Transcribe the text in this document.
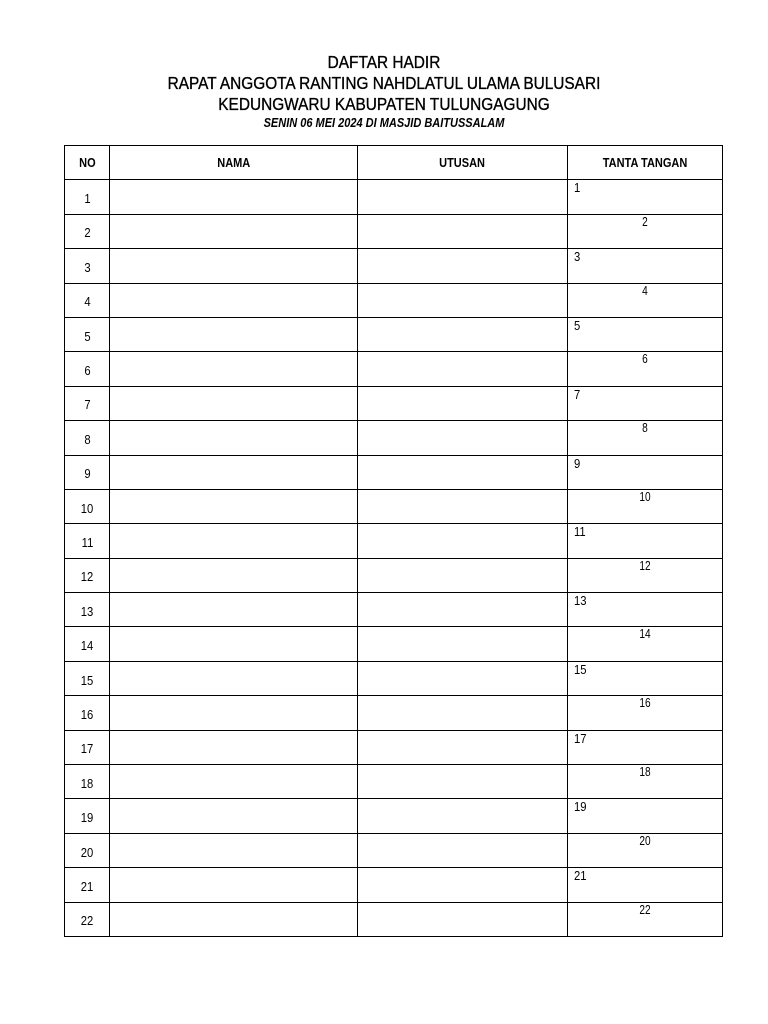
DAFTAR HADIR
RAPAT ANGGOTA RANTING NAHDLATUL ULAMA BULUSARI
KEDUNGWARU KABUPATEN TULUNGAGUNG
SENIN 06 MEI 2024 DI MASJID BAITUSSALAM
NO	NAMA	UTUSAN	TANTA TANGAN
1			1

2			2

3			3

4			4

5			5

6			6

7			7

8			8

9			9

10			10

11			11

12			12

13			13

14			14

15			15

16			16

17			17

18			18

19			19

20			20

21			21

22			22
